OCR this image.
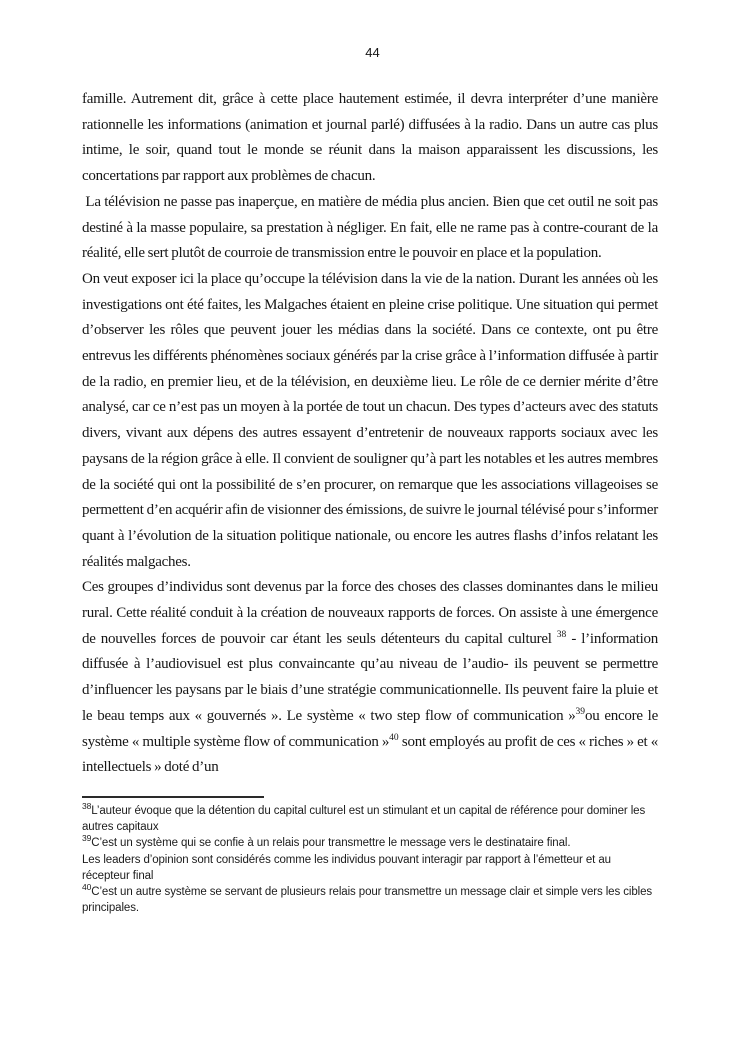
44

famille. Autrement dit, grâce à cette place hautement estimée, il devra interpréter d’une manière rationnelle les informations (animation et journal parlé) diffusées à la radio. Dans un autre cas plus intime, le soir, quand tout le monde se réunit dans la maison apparaissent les discussions, les concertations par rapport aux problèmes de chacun.

La télévision ne passe pas inaperçue, en matière de média plus ancien. Bien que cet outil ne soit pas destiné à la masse populaire, sa prestation à négliger. En fait, elle ne rame pas à contre-courant de la réalité, elle sert plutôt de courroie de transmission entre le pouvoir en place et la population.

On veut exposer ici la place qu’occupe la télévision dans la vie de la nation. Durant les années où les investigations ont été faites, les Malgaches étaient en pleine crise politique. Une situation qui permet d’observer les rôles que peuvent jouer les médias dans la société. Dans ce contexte, ont pu être entrevus les différents phénomènes sociaux générés par la crise grâce à l’information diffusée à partir de la radio, en premier lieu, et de la télévision, en deuxième lieu. Le rôle de ce dernier mérite d’être analysé, car ce n’est pas un moyen à la portée de tout un chacun. Des types d’acteurs avec des statuts divers, vivant aux dépens des autres essayent d’entretenir de nouveaux rapports sociaux avec les paysans de la région grâce à elle. Il convient de souligner qu’à part les notables et les autres membres de la société qui ont la possibilité de s’en procurer, on remarque que les associations villageoises se permettent d’en acquérir afin de visionner des émissions, de suivre le journal télévisé pour s’informer quant à l’évolution de la situation politique nationale, ou encore les autres flashs d’infos relatant les réalités malgaches.

Ces groupes d’individus sont devenus par la force des choses des classes dominantes dans le milieu rural. Cette réalité conduit à la création de nouveaux rapports de forces. On assiste à une émergence de nouvelles forces de pouvoir car étant les seuls détenteurs du capital culturel $^{38}$ - l’information diffusée à l’audiovisuel est plus convaincante qu’au niveau de l’audio- ils peuvent se permettre d’influencer les paysans par le biais d’une stratégie communicationnelle. Ils peuvent faire la pluie et le beau temps aux « gouvernés ». Le système « two step flow of communication »$^{39}$ou encore le système « multiple système flow of communication »$^{40}$ sont employés au profit de ces « riches » et « intellectuels » doté d’un

$^{38}$L’auteur évoque que la détention du capital culturel est un stimulant et un capital de référence pour dominer les autres capitaux
$^{39}$C’est un système qui se confie à un relais pour transmettre le message vers le destinataire final.
Les leaders d’opinion sont considérés comme les individus pouvant interagir par rapport à l’émetteur et au récepteur final
$^{40}$C’est un autre système se servant de plusieurs relais pour transmettre un message clair et simple vers les cibles principales.
